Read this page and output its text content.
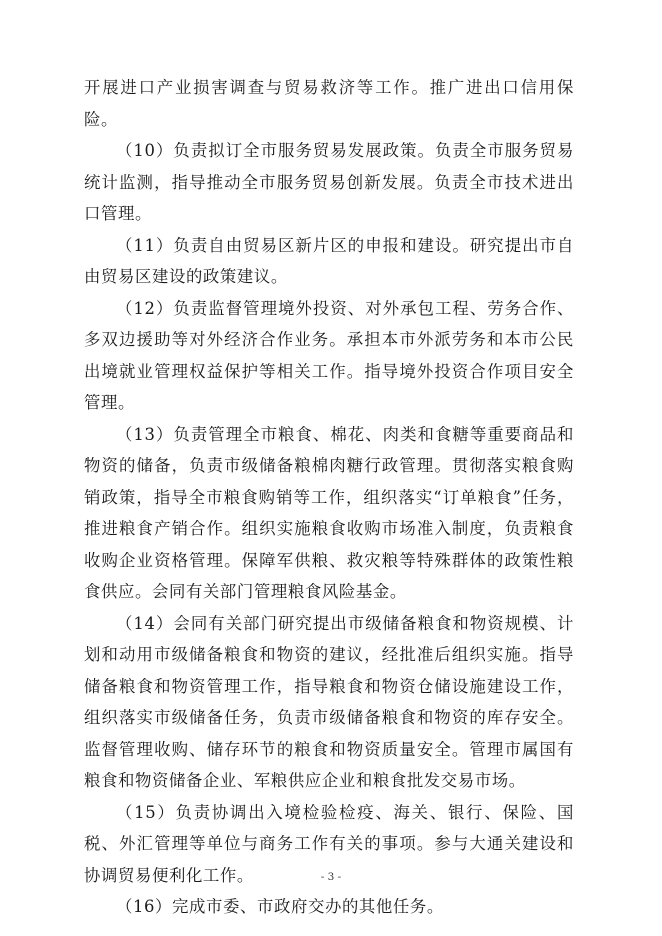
开展进口产业损害调查与贸易救济等工作。推广进出口信用保险。

（10）负责拟订全市服务贸易发展政策。负责全市服务贸易统计监测，指导推动全市服务贸易创新发展。负责全市技术进出口管理。

（11）负责自由贸易区新片区的申报和建设。研究提出市自由贸易区建设的政策建议。

（12）负责监督管理境外投资、对外承包工程、劳务合作、多双边援助等对外经济合作业务。承担本市外派劳务和本市公民出境就业管理权益保护等相关工作。指导境外投资合作项目安全管理。

（13）负责管理全市粮食、棉花、肉类和食糖等重要商品和物资的储备，负责市级储备粮棉肉糖行政管理。贯彻落实粮食购销政策，指导全市粮食购销等工作，组织落实“订单粮食”任务，推进粮食产销合作。组织实施粮食收购市场准入制度，负责粮食收购企业资格管理。保障军供粮、救灾粮等特殊群体的政策性粮食供应。会同有关部门管理粮食风险基金。

（14）会同有关部门研究提出市级储备粮食和物资规模、计划和动用市级储备粮食和物资的建议，经批准后组织实施。指导储备粮食和物资管理工作，指导粮食和物资仓储设施建设工作，组织落实市级储备任务，负责市级储备粮食和物资的库存安全。监督管理收购、储存环节的粮食和物资质量安全。管理市属国有粮食和物资储备企业、军粮供应企业和粮食批发交易市场。

（15）负责协调出入境检验检疫、海关、银行、保险、国税、外汇管理等单位与商务工作有关的事项。参与大通关建设和协调贸易便利化工作。

（16）完成市委、市政府交办的其他任务。

- 3 -
